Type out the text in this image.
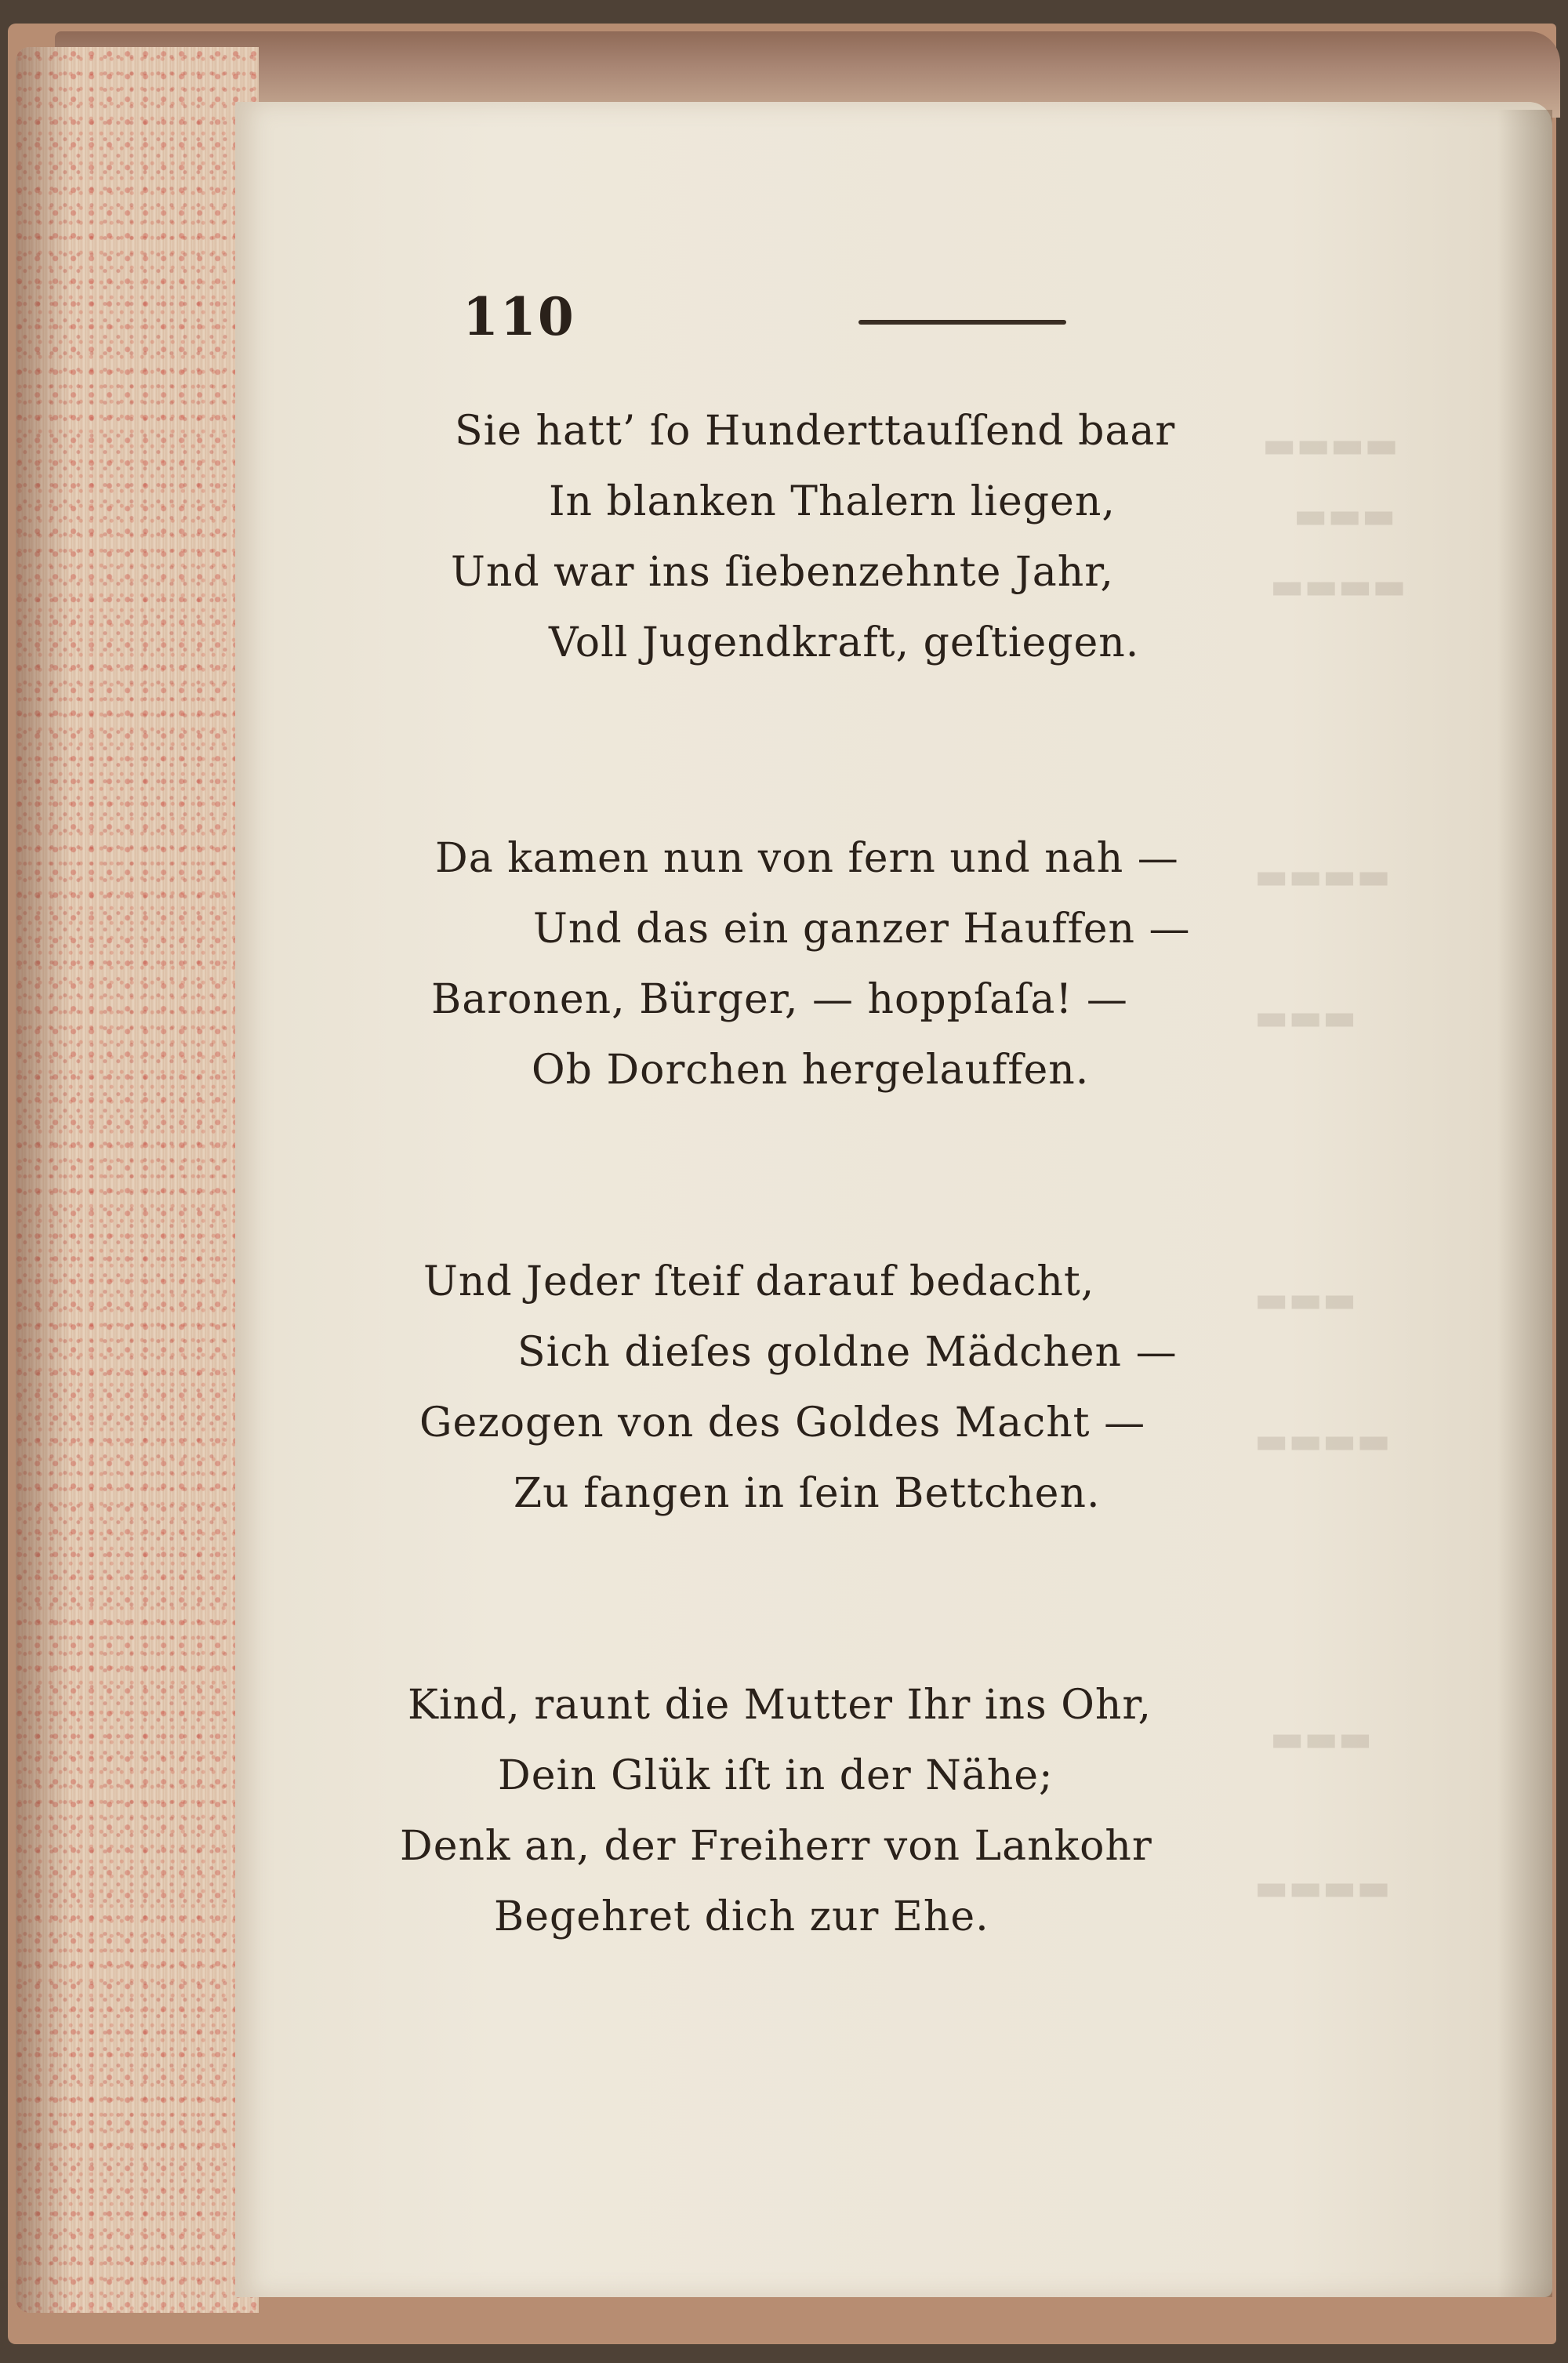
▬▬▬▬
▬▬▬
▬▬▬▬
▬▬▬▬
▬▬▬
▬▬▬
▬▬▬▬
▬▬▬
▬▬▬▬
110
Sie hatt’ ſo Hunderttauſſend baar
In blanken Thalern liegen,
Und war ins ſiebenzehnte Jahr,
Voll Jugendkraft, geſtiegen.
Da kamen nun von fern und nah —
Und das ein ganzer Hauffen —
Baronen, Bürger, — hoppſaſa! —
Ob Dorchen hergelauffen.
Und Jeder ſteif darauf bedacht,
Sich dieſes goldne Mädchen —
Gezogen von des Goldes Macht —
Zu fangen in ſein Bettchen.
Kind, raunt die Mutter Ihr ins Ohr,
Dein Glük iſt in der Nähe;
Denk an, der Freiherr von Lankohr
Begehret dich zur Ehe.
